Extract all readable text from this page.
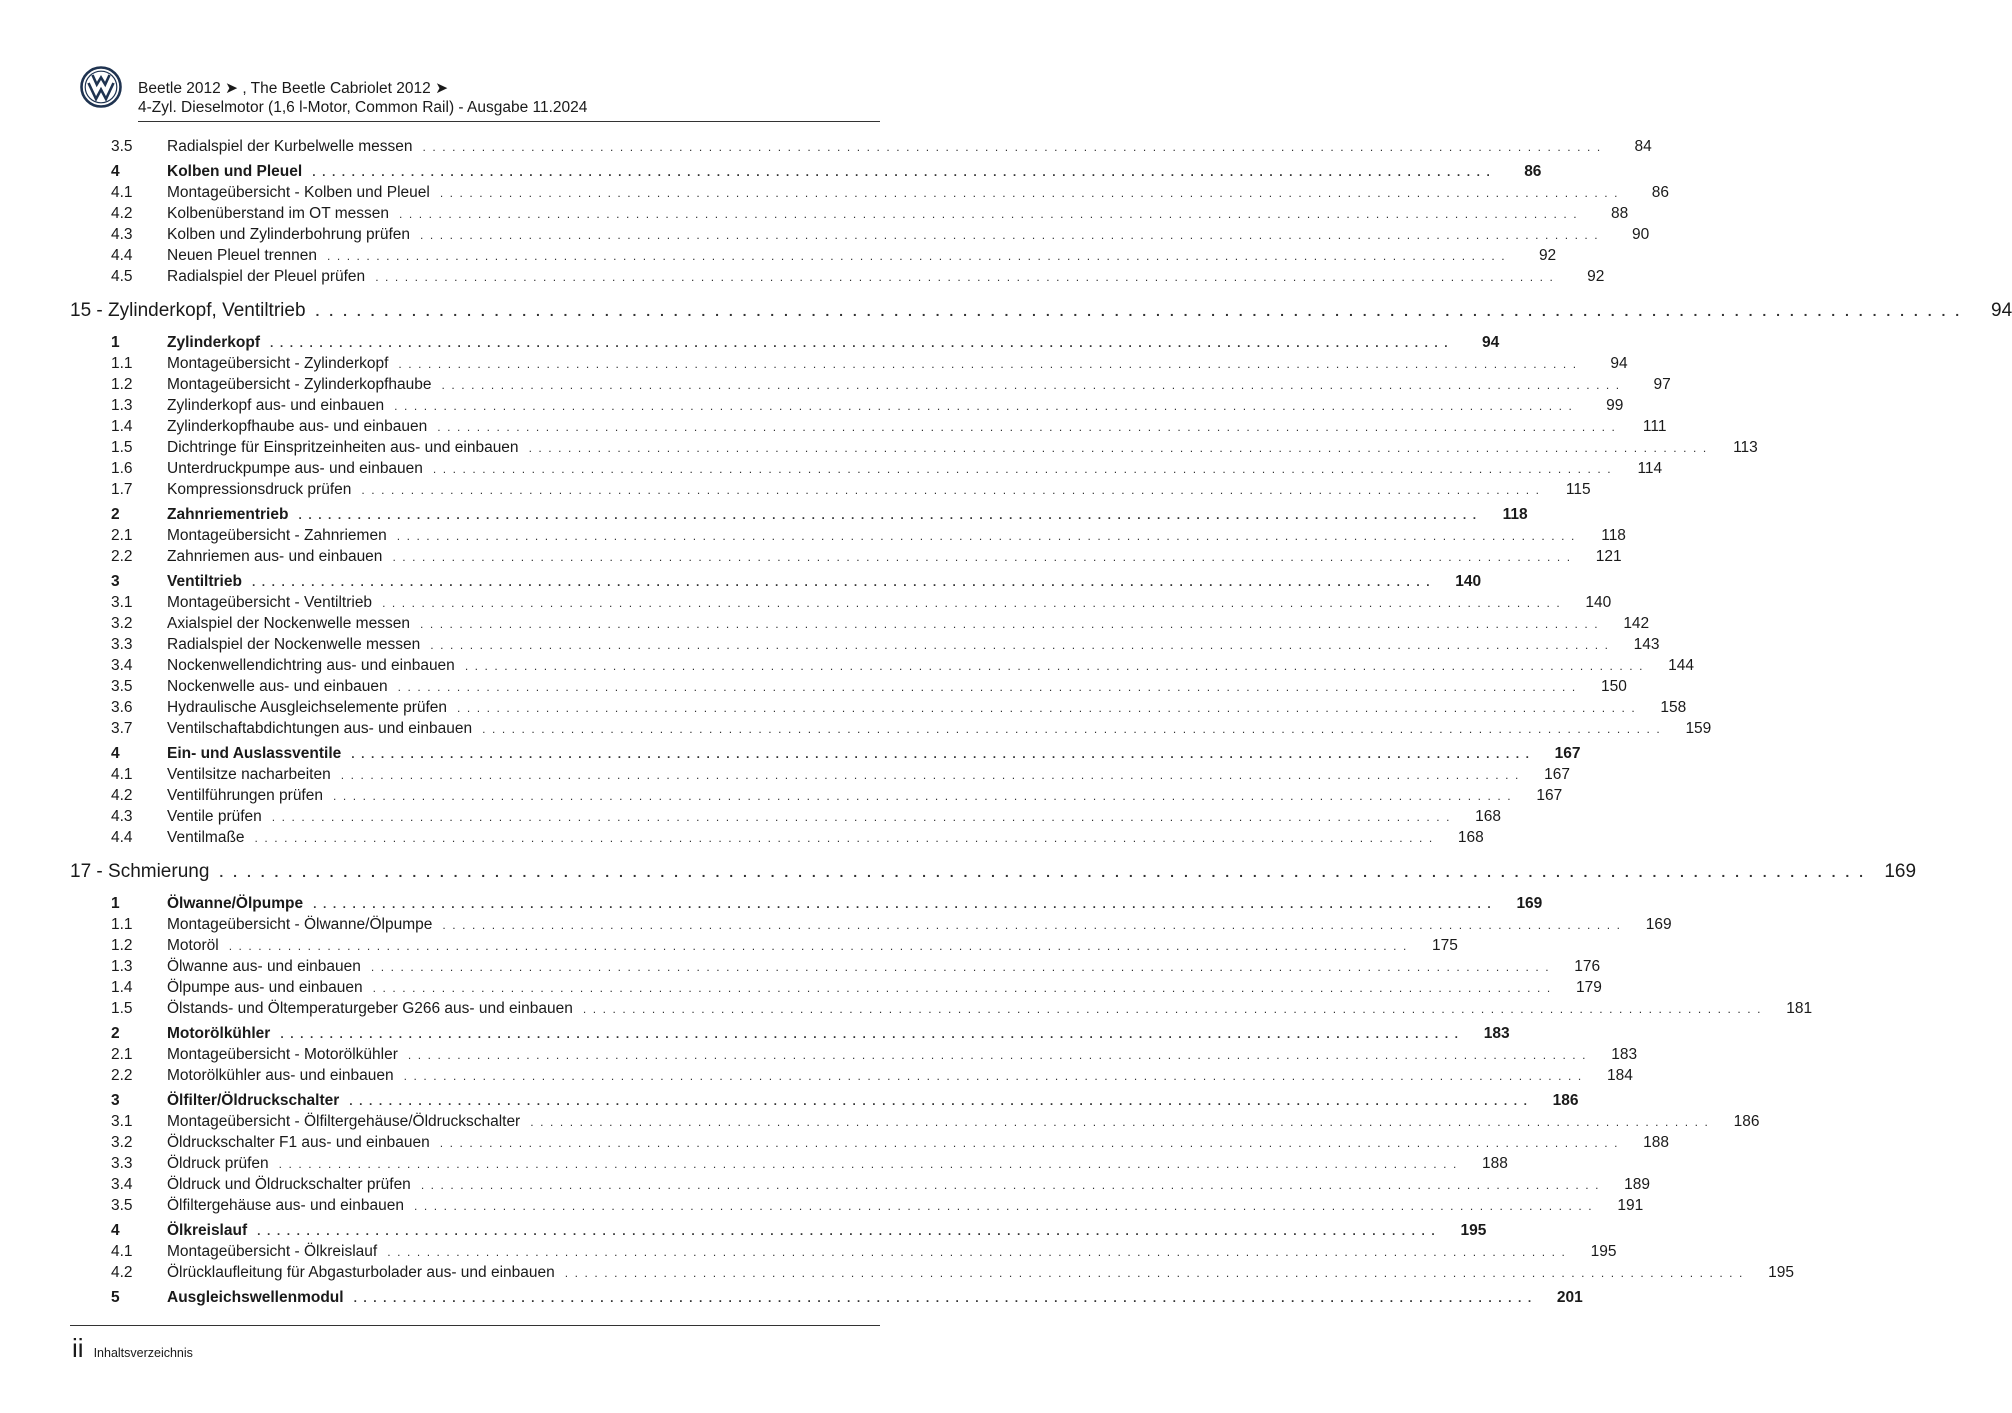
Beetle 2012 ➤ , The Beetle Cabriolet 2012 ➤
4-Zyl. Dieselmotor (1,6 l-Motor, Common Rail) - Ausgabe 11.2024
3.5	Radialspiel der Kurbelwelle messen . . . . . . . . . . . . . . . . . . . . . . . . . . . . . . . . . . . . . . . . . . . . . . . . . . . . . . . . . . . . . . . . . . . . . . . . . . . . . . . . . . . . . . . . . . . . . . . . . . . . . . . . . . . . . . . . . . . . . . . .	84
4	Kolben und Pleuel . . . . . . . . . . . . . . . . . . . . . . . . . . . . . . . . . . . . . . . . . . . . . . . . . . . . . . . . . . . . . . . . . . . . . . . . . . . . . . . . . . . . . . . . . . . . . . . . . . . . . . . . . . . . . . . . . . . . . . . .	86
4.1	Montageübersicht - Kolben und Pleuel . . . . . . . . . . . . . . . . . . . . . . . . . . . . . . . . . . . . . . . . . . . . . . . . . . . . . . . . . . . . . . . . . . . . . . . . . . . . . . . . . . . . . . . . . . . . . . . . . . . . . . . . . . . . . . . . . . . . . . . .	86
4.2	Kolbenüberstand im OT messen . . . . . . . . . . . . . . . . . . . . . . . . . . . . . . . . . . . . . . . . . . . . . . . . . . . . . . . . . . . . . . . . . . . . . . . . . . . . . . . . . . . . . . . . . . . . . . . . . . . . . . . . . . . . . . . . . . . . . . . .	88
4.3	Kolben und Zylinderbohrung prüfen . . . . . . . . . . . . . . . . . . . . . . . . . . . . . . . . . . . . . . . . . . . . . . . . . . . . . . . . . . . . . . . . . . . . . . . . . . . . . . . . . . . . . . . . . . . . . . . . . . . . . . . . . . . . . . . . . . . . . . . .	90
4.4	Neuen Pleuel trennen . . . . . . . . . . . . . . . . . . . . . . . . . . . . . . . . . . . . . . . . . . . . . . . . . . . . . . . . . . . . . . . . . . . . . . . . . . . . . . . . . . . . . . . . . . . . . . . . . . . . . . . . . . . . . . . . . . . . . . . .	92
4.5	Radialspiel der Pleuel prüfen . . . . . . . . . . . . . . . . . . . . . . . . . . . . . . . . . . . . . . . . . . . . . . . . . . . . . . . . . . . . . . . . . . . . . . . . . . . . . . . . . . . . . . . . . . . . . . . . . . . . . . . . . . . . . . . . . . . . . . . .	92
15 - Zylinderkopf, Ventiltrieb . . . . . . . . . . . . . . . . . . . . . . . . . . . . . . . . . . . . . . . . . . . . . . . . . . . . . . . . . . . . . . . . . . . . . . . . . . . . . . . . . . . . . . . . . . . . . . . . . . . . . . . . . . . . . . . . . . . . . . . .	94
1	Zylinderkopf . . . . . . . . . . . . . . . . . . . . . . . . . . . . . . . . . . . . . . . . . . . . . . . . . . . . . . . . . . . . . . . . . . . . . . . . . . . . . . . . . . . . . . . . . . . . . . . . . . . . . . . . . . . . . . . . . . . . . . . .	94
1.1	Montageübersicht - Zylinderkopf . . . . . . . . . . . . . . . . . . . . . . . . . . . . . . . . . . . . . . . . . . . . . . . . . . . . . . . . . . . . . . . . . . . . . . . . . . . . . . . . . . . . . . . . . . . . . . . . . . . . . . . . . . . . . . . . . . . . . . . .	94
1.2	Montageübersicht - Zylinderkopfhaube . . . . . . . . . . . . . . . . . . . . . . . . . . . . . . . . . . . . . . . . . . . . . . . . . . . . . . . . . . . . . . . . . . . . . . . . . . . . . . . . . . . . . . . . . . . . . . . . . . . . . . . . . . . . . . . . . . . . . . . .	97
1.3	Zylinderkopf aus- und einbauen . . . . . . . . . . . . . . . . . . . . . . . . . . . . . . . . . . . . . . . . . . . . . . . . . . . . . . . . . . . . . . . . . . . . . . . . . . . . . . . . . . . . . . . . . . . . . . . . . . . . . . . . . . . . . . . . . . . . . . . .	99
1.4	Zylinderkopfhaube aus- und einbauen . . . . . . . . . . . . . . . . . . . . . . . . . . . . . . . . . . . . . . . . . . . . . . . . . . . . . . . . . . . . . . . . . . . . . . . . . . . . . . . . . . . . . . . . . . . . . . . . . . . . . . . . . . . . . . . . . . . . . . . .	111
1.5	Dichtringe für Einspritzeinheiten aus- und einbauen . . . . . . . . . . . . . . . . . . . . . . . . . . . . . . . . . . . . . . . . . . . . . . . . . . . . . . . . . . . . . . . . . . . . . . . . . . . . . . . . . . . . . . . . . . . . . . . . . . . . . . . . . . . . . . . . . . . . . . . .	113
1.6	Unterdruckpumpe aus- und einbauen . . . . . . . . . . . . . . . . . . . . . . . . . . . . . . . . . . . . . . . . . . . . . . . . . . . . . . . . . . . . . . . . . . . . . . . . . . . . . . . . . . . . . . . . . . . . . . . . . . . . . . . . . . . . . . . . . . . . . . . .	114
1.7	Kompressionsdruck prüfen . . . . . . . . . . . . . . . . . . . . . . . . . . . . . . . . . . . . . . . . . . . . . . . . . . . . . . . . . . . . . . . . . . . . . . . . . . . . . . . . . . . . . . . . . . . . . . . . . . . . . . . . . . . . . . . . . . . . . . . .	115
2	Zahnriementrieb . . . . . . . . . . . . . . . . . . . . . . . . . . . . . . . . . . . . . . . . . . . . . . . . . . . . . . . . . . . . . . . . . . . . . . . . . . . . . . . . . . . . . . . . . . . . . . . . . . . . . . . . . . . . . . . . . . . . . . . .	118
2.1	Montageübersicht - Zahnriemen . . . . . . . . . . . . . . . . . . . . . . . . . . . . . . . . . . . . . . . . . . . . . . . . . . . . . . . . . . . . . . . . . . . . . . . . . . . . . . . . . . . . . . . . . . . . . . . . . . . . . . . . . . . . . . . . . . . . . . . .	118
2.2	Zahnriemen aus- und einbauen . . . . . . . . . . . . . . . . . . . . . . . . . . . . . . . . . . . . . . . . . . . . . . . . . . . . . . . . . . . . . . . . . . . . . . . . . . . . . . . . . . . . . . . . . . . . . . . . . . . . . . . . . . . . . . . . . . . . . . . .	121
3	Ventiltrieb . . . . . . . . . . . . . . . . . . . . . . . . . . . . . . . . . . . . . . . . . . . . . . . . . . . . . . . . . . . . . . . . . . . . . . . . . . . . . . . . . . . . . . . . . . . . . . . . . . . . . . . . . . . . . . . . . . . . . . . .	140
3.1	Montageübersicht - Ventiltrieb . . . . . . . . . . . . . . . . . . . . . . . . . . . . . . . . . . . . . . . . . . . . . . . . . . . . . . . . . . . . . . . . . . . . . . . . . . . . . . . . . . . . . . . . . . . . . . . . . . . . . . . . . . . . . . . . . . . . . . . .	140
3.2	Axialspiel der Nockenwelle messen . . . . . . . . . . . . . . . . . . . . . . . . . . . . . . . . . . . . . . . . . . . . . . . . . . . . . . . . . . . . . . . . . . . . . . . . . . . . . . . . . . . . . . . . . . . . . . . . . . . . . . . . . . . . . . . . . . . . . . . .	142
3.3	Radialspiel der Nockenwelle messen . . . . . . . . . . . . . . . . . . . . . . . . . . . . . . . . . . . . . . . . . . . . . . . . . . . . . . . . . . . . . . . . . . . . . . . . . . . . . . . . . . . . . . . . . . . . . . . . . . . . . . . . . . . . . . . . . . . . . . . .	143
3.4	Nockenwellendichtring aus- und einbauen . . . . . . . . . . . . . . . . . . . . . . . . . . . . . . . . . . . . . . . . . . . . . . . . . . . . . . . . . . . . . . . . . . . . . . . . . . . . . . . . . . . . . . . . . . . . . . . . . . . . . . . . . . . . . . . . . . . . . . . .	144
3.5	Nockenwelle aus- und einbauen . . . . . . . . . . . . . . . . . . . . . . . . . . . . . . . . . . . . . . . . . . . . . . . . . . . . . . . . . . . . . . . . . . . . . . . . . . . . . . . . . . . . . . . . . . . . . . . . . . . . . . . . . . . . . . . . . . . . . . . .	150
3.6	Hydraulische Ausgleichselemente prüfen . . . . . . . . . . . . . . . . . . . . . . . . . . . . . . . . . . . . . . . . . . . . . . . . . . . . . . . . . . . . . . . . . . . . . . . . . . . . . . . . . . . . . . . . . . . . . . . . . . . . . . . . . . . . . . . . . . . . . . . .	158
3.7	Ventilschaftabdichtungen aus- und einbauen . . . . . . . . . . . . . . . . . . . . . . . . . . . . . . . . . . . . . . . . . . . . . . . . . . . . . . . . . . . . . . . . . . . . . . . . . . . . . . . . . . . . . . . . . . . . . . . . . . . . . . . . . . . . . . . . . . . . . . . .	159
4	Ein- und Auslassventile . . . . . . . . . . . . . . . . . . . . . . . . . . . . . . . . . . . . . . . . . . . . . . . . . . . . . . . . . . . . . . . . . . . . . . . . . . . . . . . . . . . . . . . . . . . . . . . . . . . . . . . . . . . . . . . . . . . . . . . .	167
4.1	Ventilsitze nacharbeiten . . . . . . . . . . . . . . . . . . . . . . . . . . . . . . . . . . . . . . . . . . . . . . . . . . . . . . . . . . . . . . . . . . . . . . . . . . . . . . . . . . . . . . . . . . . . . . . . . . . . . . . . . . . . . . . . . . . . . . . .	167
4.2	Ventilführungen prüfen . . . . . . . . . . . . . . . . . . . . . . . . . . . . . . . . . . . . . . . . . . . . . . . . . . . . . . . . . . . . . . . . . . . . . . . . . . . . . . . . . . . . . . . . . . . . . . . . . . . . . . . . . . . . . . . . . . . . . . . .	167
4.3	Ventile prüfen . . . . . . . . . . . . . . . . . . . . . . . . . . . . . . . . . . . . . . . . . . . . . . . . . . . . . . . . . . . . . . . . . . . . . . . . . . . . . . . . . . . . . . . . . . . . . . . . . . . . . . . . . . . . . . . . . . . . . . . .	168
4.4	Ventilmaße . . . . . . . . . . . . . . . . . . . . . . . . . . . . . . . . . . . . . . . . . . . . . . . . . . . . . . . . . . . . . . . . . . . . . . . . . . . . . . . . . . . . . . . . . . . . . . . . . . . . . . . . . . . . . . . . . . . . . . . .	168
17 - Schmierung . . . . . . . . . . . . . . . . . . . . . . . . . . . . . . . . . . . . . . . . . . . . . . . . . . . . . . . . . . . . . . . . . . . . . . . . . . . . . . . . . . . . . . . . . . . . . . . . . . . . . . . . . . . . . . . . . . . . . . . . 169
1	Ölwanne/Ölpumpe . . . . . . . . . . . . . . . . . . . . . . . . . . . . . . . . . . . . . . . . . . . . . . . . . . . . . . . . . . . . . . . . . . . . . . . . . . . . . . . . . . . . . . . . . . . . . . . . . . . . . . . . . . . . . . . . . . . . . . . .	169
1.1	Montageübersicht - Ölwanne/Ölpumpe . . . . . . . . . . . . . . . . . . . . . . . . . . . . . . . . . . . . . . . . . . . . . . . . . . . . . . . . . . . . . . . . . . . . . . . . . . . . . . . . . . . . . . . . . . . . . . . . . . . . . . . . . . . . . . . . . . . . . . . .	169
1.2	Motoröl . . . . . . . . . . . . . . . . . . . . . . . . . . . . . . . . . . . . . . . . . . . . . . . . . . . . . . . . . . . . . . . . . . . . . . . . . . . . . . . . . . . . . . . . . . . . . . . . . . . . . . . . . . . . . . . . . . . . . . . .	175
1.3	Ölwanne aus- und einbauen . . . . . . . . . . . . . . . . . . . . . . . . . . . . . . . . . . . . . . . . . . . . . . . . . . . . . . . . . . . . . . . . . . . . . . . . . . . . . . . . . . . . . . . . . . . . . . . . . . . . . . . . . . . . . . . . . . . . . . . .	176
1.4	Ölpumpe aus- und einbauen . . . . . . . . . . . . . . . . . . . . . . . . . . . . . . . . . . . . . . . . . . . . . . . . . . . . . . . . . . . . . . . . . . . . . . . . . . . . . . . . . . . . . . . . . . . . . . . . . . . . . . . . . . . . . . . . . . . . . . . .	179
1.5	Ölstands- und Öltemperaturgeber G266 aus- und einbauen . . . . . . . . . . . . . . . . . . . . . . . . . . . . . . . . . . . . . . . . . . . . . . . . . . . . . . . . . . . . . . . . . . . . . . . . . . . . . . . . . . . . . . . . . . . . . . . . . . . . . . . . . . . . . . . . . . . . . . . .	181
2	Motorölkühler . . . . . . . . . . . . . . . . . . . . . . . . . . . . . . . . . . . . . . . . . . . . . . . . . . . . . . . . . . . . . . . . . . . . . . . . . . . . . . . . . . . . . . . . . . . . . . . . . . . . . . . . . . . . . . . . . . . . . . . .	183
2.1	Montageübersicht - Motorölkühler . . . . . . . . . . . . . . . . . . . . . . . . . . . . . . . . . . . . . . . . . . . . . . . . . . . . . . . . . . . . . . . . . . . . . . . . . . . . . . . . . . . . . . . . . . . . . . . . . . . . . . . . . . . . . . . . . . . . . . . .	183
2.2	Motorölkühler aus- und einbauen . . . . . . . . . . . . . . . . . . . . . . . . . . . . . . . . . . . . . . . . . . . . . . . . . . . . . . . . . . . . . . . . . . . . . . . . . . . . . . . . . . . . . . . . . . . . . . . . . . . . . . . . . . . . . . . . . . . . . . . .	184
3	Ölfilter/Öldruckschalter . . . . . . . . . . . . . . . . . . . . . . . . . . . . . . . . . . . . . . . . . . . . . . . . . . . . . . . . . . . . . . . . . . . . . . . . . . . . . . . . . . . . . . . . . . . . . . . . . . . . . . . . . . . . . . . . . . . . . . . .	186
3.1	Montageübersicht - Ölfiltergehäuse/Öldruckschalter . . . . . . . . . . . . . . . . . . . . . . . . . . . . . . . . . . . . . . . . . . . . . . . . . . . . . . . . . . . . . . . . . . . . . . . . . . . . . . . . . . . . . . . . . . . . . . . . . . . . . . . . . . . . . . . . . . . . . . . .	186
3.2	Öldruckschalter F1 aus- und einbauen . . . . . . . . . . . . . . . . . . . . . . . . . . . . . . . . . . . . . . . . . . . . . . . . . . . . . . . . . . . . . . . . . . . . . . . . . . . . . . . . . . . . . . . . . . . . . . . . . . . . . . . . . . . . . . . . . . . . . . . .	188
3.3	Öldruck prüfen . . . . . . . . . . . . . . . . . . . . . . . . . . . . . . . . . . . . . . . . . . . . . . . . . . . . . . . . . . . . . . . . . . . . . . . . . . . . . . . . . . . . . . . . . . . . . . . . . . . . . . . . . . . . . . . . . . . . . . . .	188
3.4	Öldruck und Öldruckschalter prüfen . . . . . . . . . . . . . . . . . . . . . . . . . . . . . . . . . . . . . . . . . . . . . . . . . . . . . . . . . . . . . . . . . . . . . . . . . . . . . . . . . . . . . . . . . . . . . . . . . . . . . . . . . . . . . . . . . . . . . . . .	189
3.5	Ölfiltergehäuse aus- und einbauen . . . . . . . . . . . . . . . . . . . . . . . . . . . . . . . . . . . . . . . . . . . . . . . . . . . . . . . . . . . . . . . . . . . . . . . . . . . . . . . . . . . . . . . . . . . . . . . . . . . . . . . . . . . . . . . . . . . . . . . .	191
4	Ölkreislauf . . . . . . . . . . . . . . . . . . . . . . . . . . . . . . . . . . . . . . . . . . . . . . . . . . . . . . . . . . . . . . . . . . . . . . . . . . . . . . . . . . . . . . . . . . . . . . . . . . . . . . . . . . . . . . . . . . . . . . . .	195
4.1	Montageübersicht - Ölkreislauf . . . . . . . . . . . . . . . . . . . . . . . . . . . . . . . . . . . . . . . . . . . . . . . . . . . . . . . . . . . . . . . . . . . . . . . . . . . . . . . . . . . . . . . . . . . . . . . . . . . . . . . . . . . . . . . . . . . . . . . .	195
4.2	Ölrücklaufleitung für Abgasturbolader aus- und einbauen . . . . . . . . . . . . . . . . . . . . . . . . . . . . . . . . . . . . . . . . . . . . . . . . . . . . . . . . . . . . . . . . . . . . . . . . . . . . . . . . . . . . . . . . . . . . . . . . . . . . . . . . . . . . . . . . . . . . . . . .	195
5	Ausgleichswellenmodul . . . . . . . . . . . . . . . . . . . . . . . . . . . . . . . . . . . . . . . . . . . . . . . . . . . . . . . . . . . . . . . . . . . . . . . . . . . . . . . . . . . . . . . . . . . . . . . . . . . . . . . . . . . . . . . . . . . . . . . .	201
ii Inhaltsverzeichnis
